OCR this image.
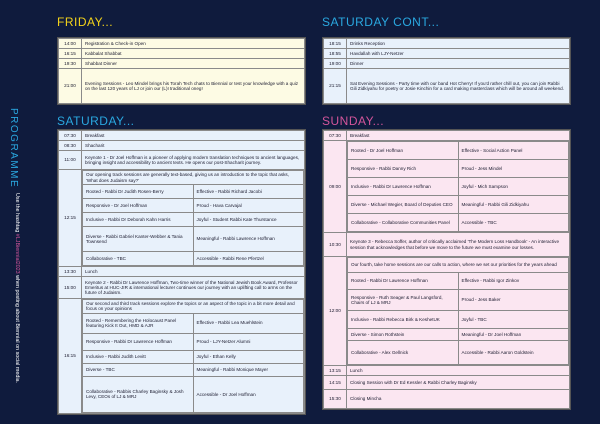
PROGRAMME
Use the hashtag #LJBiennial2023 when posting about Biennial on social media.
FRIDAY...
14:00	Registration & Check-in Open
16:15	Kabbalat Shabbat
19:30	Shabbat Dinner
21:00	Evening Sessions - Leo Mindel brings his Torah Tech chats to Biennial or test your knowledge with a quiz on the last 120 years of LJ or join our (L)I traditional oneg!
SATURDAY CONT...
18:15	Drinks Reception
18:55	Havdallah with LJY-Netzer
19:00	Dinner
21:15	Sat Evening Sessions - Party time with our band Hot Cherry! If you'd rather chill out, you can join Rabbi Gili Zidkiyahu for poetry or Josie Kinchin for a card making masterclass which will be around all weekend.
SATURDAY...
07:30	Breakfast
08:30	Shacharit
11:00	Keynote 1 - Dr Joel Hoffman is a pioneer of applying modern translation techniques to ancient languages, bringing insight and accessibility to ancient texts. He opens our post-Shacharit journey.
12:15	
Our opening track sessions are generally text-based, giving us an introduction to the topic that asks, 'What does Judaism say?'
Rooted - Rabbi Dr Judith Rosen-Berry	Effective - Rabbi Richard Jacobi
Responsive - Dr Joel Hoffman	Proud - Hava Carvajal
Inclusive - Rabbi Dr Deborah Kahn Harris	Joyful - Student Rabbi Kate Thurstance
Diverse - Rabbi Gabriel Kanter-Webber & Tania Townsend	Meaningful - Rabbi Lawrence Hoffman
Collaborative - TBC	Accessible - Rabbi Rene Pfertzel

13:30	Lunch
15:00	Keynote 2 - Rabbi Dr Lawrence Hoffman, Two-time winner of the National Jewish Book Award, Professor Emeritus at HUC-JIR & international lecturer continues our journey with an uplifting call to arms on the future of Judaism.
16:15	
Our second and third track sessions explore the topics or an aspect of the topic in a bit more detail and focus on your opinions
Rooted - Remembering the Holocaust Panel featuring Kick It Out, HMD & AJR	Effective - Rabbi Lea Muehlstein
Responsive - Rabbi Dr Lawrence Hoffman	Proud - LJY-Netzer Alumni
Inclusive - Rabbi Judith Levitt	Joyful - Ethan Kelly
Diverse - TBC	Meaningful - Rabbi Monique Mayer
Collaborative - Rabbis Charley Baginsky & Josh Levy, CEOs of LJ & MRJ	Accessible - Dr Joel Hoffman
SUNDAY...
07:30	Breakfast
09:00	
Rooted - Dr Joel Hoffman	Effective - Social Action Panel
Responsive - Rabbi Danny Rich	Proud - Jess Mindel
Inclusive - Rabbi Dr Lawrence Hoffman	Joyful - Mich Sampson
Diverse - Michael Wegier, Board of Deputies CEO	Meaningful - Rabbi Gili Zidkiyahu
Collaborative - Collaborative Communities Panel	Accessible - TBC

10:30	Keynote 3 - Rebecca Soffer, author of critically acclaimed 'The Modern Loss Handbook' - An interactive session that acknowledges that before we move to the future we must examine our losses.
12:00	
Our fourth, take home sessions are our calls to action, where we set our priorities for the years ahead
Rooted - Rabbi Dr Lawrence Hoffman	Effective - Rabbi Igor Zinkov
Responsive - Ruth Seager & Paul Langsford, Chairs of LJ & MRJ	Proud - Jess Baker
Inclusive - Rabbi Rebecca Birk & KeshetUK	Joyful - TBC
Diverse - Simon Rothstein	Meaningful - Dr Joel Hoffman
Collaborative - Alex Gellnick	Accessible - Rabbi Aaron Goldstein

13:15	Lunch
14:15	Closing Session with Dr Ed Kessler & Rabbi Charley Baginsky
15:30	Closing Mincha
